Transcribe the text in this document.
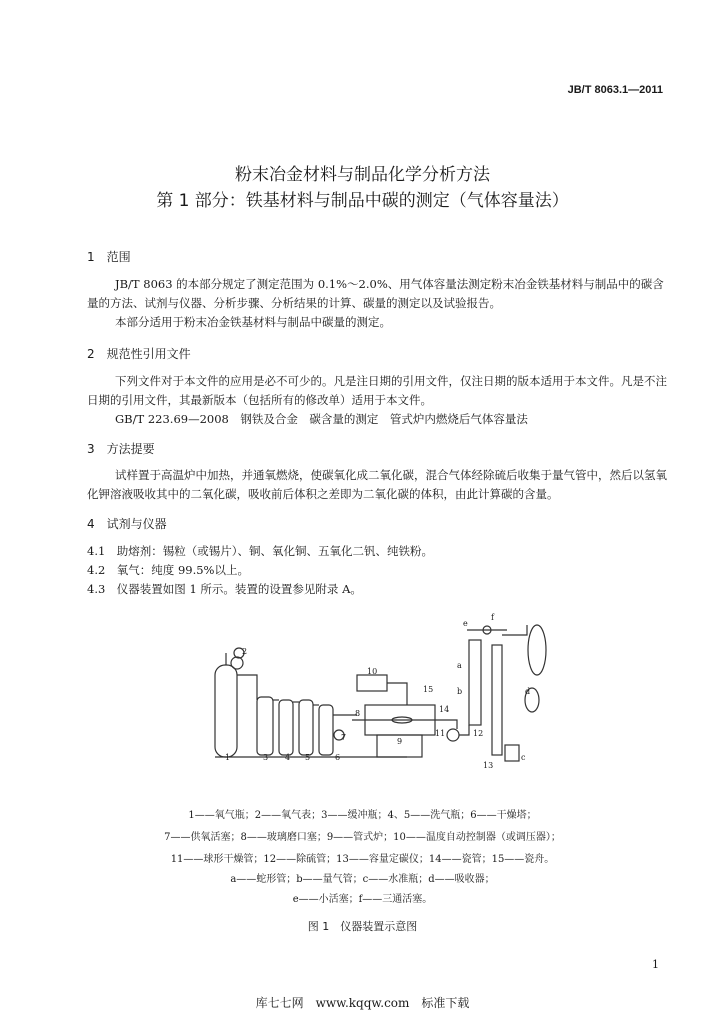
JB/T 8063.1—2011
粉末冶金材料与制品化学分析方法
第 1 部分：铁基材料与制品中碳的测定（气体容量法）
1　范围
JB/T 8063 的本部分规定了测定范围为 0.1%～2.0%、用气体容量法测定粉末冶金铁基材料与制品中的碳含量的方法、试剂与仪器、分析步骤、分析结果的计算、碳量的测定以及试验报告。
本部分适用于粉末冶金铁基材料与制品中碳量的测定。
2　规范性引用文件
下列文件对于本文件的应用是必不可少的。凡是注日期的引用文件，仅注日期的版本适用于本文件。凡是不注日期的引用文件，其最新版本（包括所有的修改单）适用于本文件。
GB/T 223.69—2008　钢铁及合金　碳含量的测定　管式炉内燃烧后气体容量法
3　方法提要
试样置于高温炉中加热，并通氧燃烧，使碳氧化成二氧化碳，混合气体经除硫后收集于量气管中，然后以氢氧化钾溶液吸收其中的二氧化碳，吸收前后体积之差即为二氧化碳的体积，由此计算碳的含量。
4　试剂与仪器
4.1　助熔剂：锡粒（或锡片）、铜、氧化铜、五氧化二钒、纯铁粉。
4.2　氧气：纯度 99.5%以上。
4.3　仪器装置如图 1 所示。装置的设置参见附录 A。
1
2
3 4 5	6
7
8
9
10
11	12
13
14
15
a
b
c
d
e
f
1——氧气瓶；2——氧气表；3——缓冲瓶；4、5——洗气瓶；6——干燥塔；
7——供氧活塞；8——玻璃磨口塞；9——管式炉；10——温度自动控制器（或调压器）；
11——球形干燥管；12——除硫管；13——容量定碳仪；14——瓷管；15——瓷舟。
a——蛇形管；b——量气管；c——水准瓶；d——吸收器；
e——小活塞；f——三通活塞。
图 1　仪器装置示意图
1
库七七网　www.kqqw.com　标准下载
